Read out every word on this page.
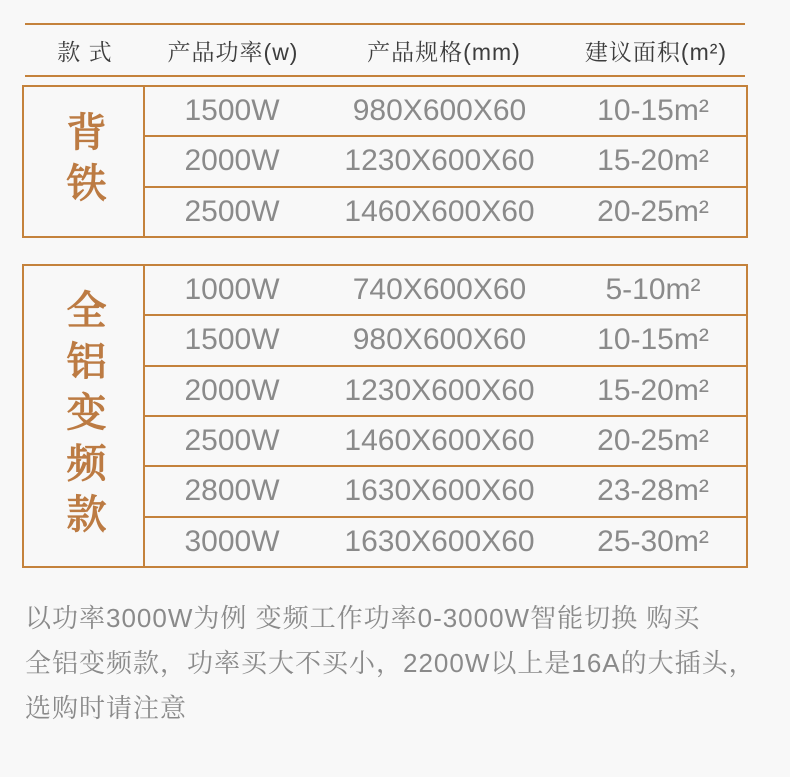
款 式	产品功率(w)	产品规格(mm)	建议面积(m²)
背铁	1500W	980X600X60	10-15m²
2000W	1230X600X60	15-20m²
2500W	1460X600X60	20-25m²
全铝变频款	1000W	740X600X60	5-10m²
1500W	980X600X60	10-15m²
2000W	1230X600X60	15-20m²
2500W	1460X600X60	20-25m²
2800W	1630X600X60	23-28m²
3000W	1630X600X60	25-30m²
以功率3000W为例 变频工作功率0-3000W智能切换 购买
全铝变频款，功率买大不买小，2200W以上是16A的大插头，
选购时请注意
